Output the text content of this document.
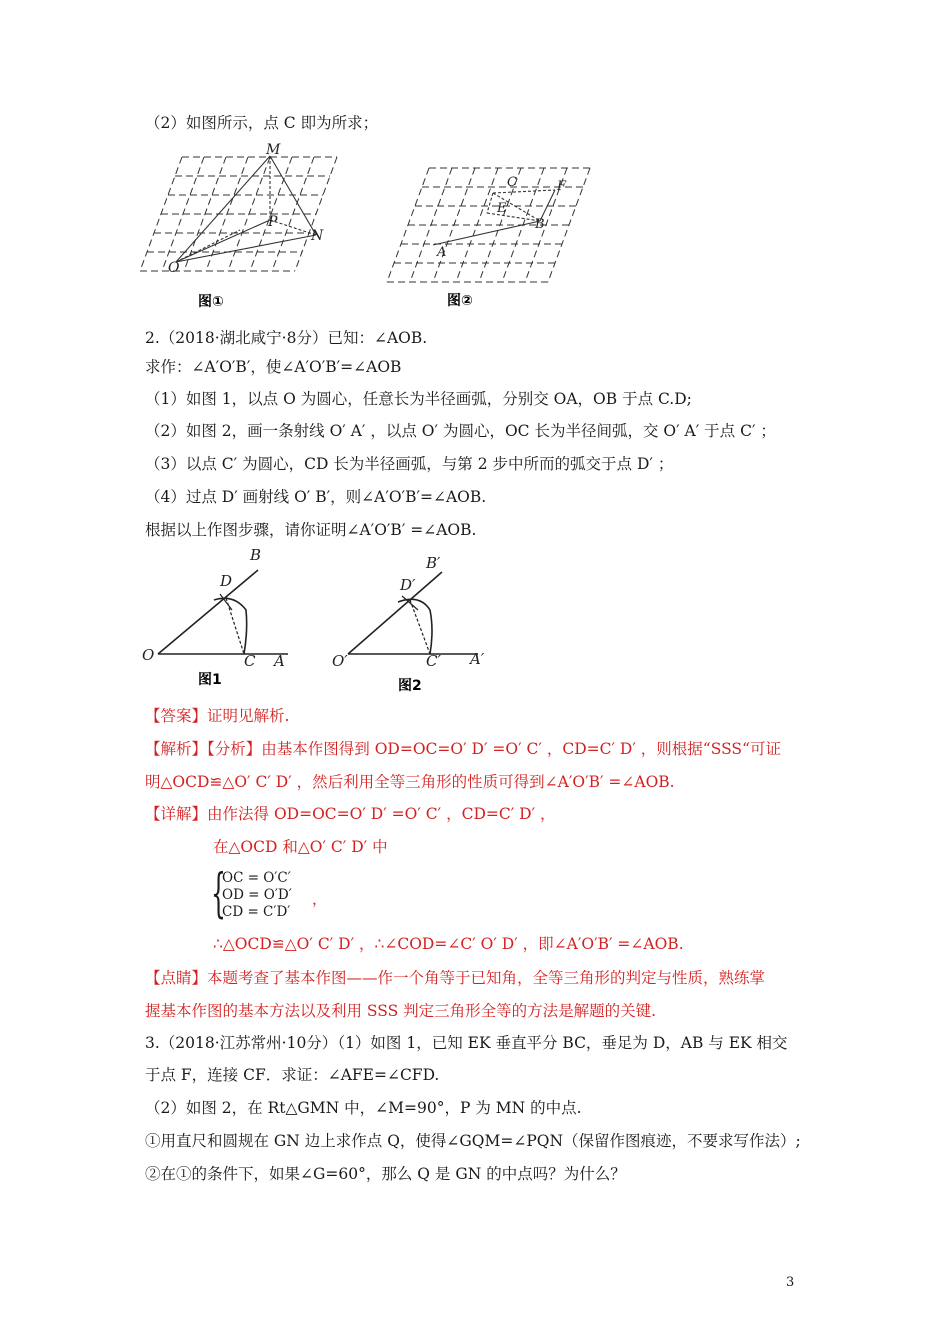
（2）如图所示，点 C 即为所求；
M
P
N
O
图①
C	F
E
B
A
图②
2.（2018·湖北咸宁·8分）已知：∠AOB.
求作：∠A′O′B′，使∠A′O′B′=∠AOB
（1）如图 1，以点 O 为圆心，任意长为半径画弧，分别交 OA，OB 于点 C.D;
（2）如图 2，画一条射线 O′ A′ ，以点 O′ 为圆心，OC 长为半径间弧，交 O′ A′ 于点 C′ ；
（3）以点 C′ 为圆心，CD 长为半径画弧，与第 2 步中所而的弧交于点 D′ ；
（4）过点 D′ 画射线 O′ B′，则∠A′O′B′=∠AOB.
根据以上作图步骤，请你证明∠A′O′B′ =∠AOB.
B
D
O	C A
图1
B′
D′
O′	C′ A′
图2
【答案】证明见解析.
【解析】【分析】由基本作图得到 OD=OC=O′ D′ =O′ C′ ，CD=C′ D′ ，则根据“SSS“可证
明△OCD≌△O′ C′ D′ ，然后利用全等三角形的性质可得到∠A′O′B′ =∠AOB.
【详解】由作法得 OD=OC=O′ D′ =O′ C′ ，CD=C′ D′ ，
在△OCD 和△O′ C′ D′ 中
{
OC = O′C′
OD = O′D′
CD = C′D′
，
∴△OCD≌△O′ C′ D′ ，∴∠COD=∠C′ O′ D′ ，即∠A′O′B′ =∠AOB.
【点睛】本题考查了基本作图——作一个角等于已知角，全等三角形的判定与性质，熟练掌
握基本作图的基本方法以及利用 SSS 判定三角形全等的方法是解题的关键.
3.（2018·江苏常州·10分）（1）如图 1，已知 EK 垂直平分 BC，垂足为 D，AB 与 EK 相交
于点 F，连接 CF．求证：∠AFE=∠CFD.
（2）如图 2，在 Rt△GMN 中，∠M=90°，P 为 MN 的中点.
①用直尺和圆规在 GN 边上求作点 Q，使得∠GQM=∠PQN（保留作图痕迹，不要求写作法）;
②在①的条件下，如果∠G=60°，那么 Q 是 GN 的中点吗？为什么？
3
